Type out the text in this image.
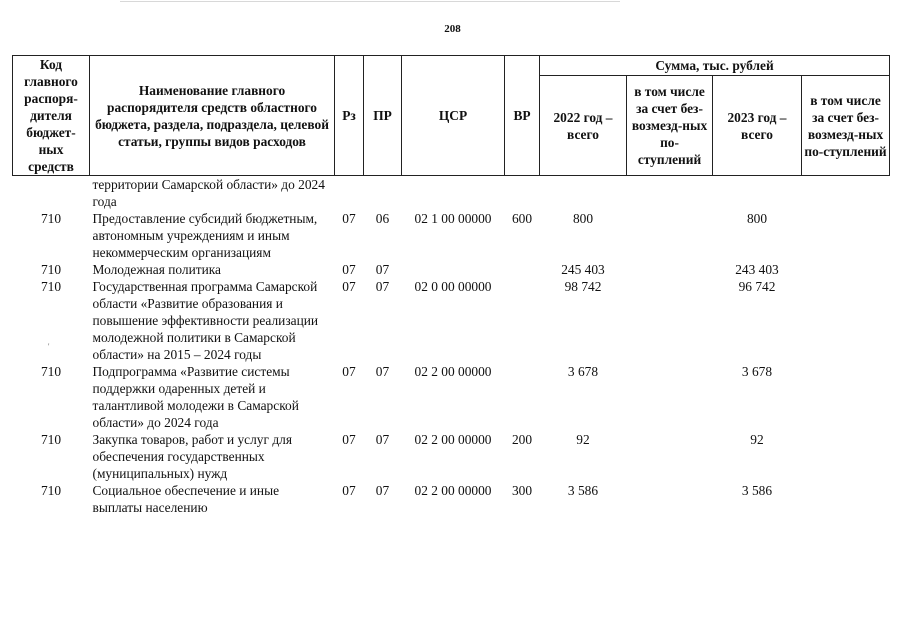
208
'
Код главного распоря-дителя бюджет-ных средств	Наименование главного распорядителя средств областного бюджета, раздела, подраздела, целевой статьи, группы видов расходов	Рз	ПР	ЦСР	ВР	Сумма, тыс. рублей			
						2022 год – всего	в том числе за счет без-возмезд-ных по-ступлений	2023 год – всего	в том числе за счет без-возмезд-ных по-ступлений
	территории Самарской области» до 2024 года								
710	Предоставление субсидий бюджетным, автономным учреждениям и иным некоммерческим организациям	07	06	02 1 00 00000	600	800		800	
710	Молодежная политика	07	07			245 403		243 403	
710	Государственная программа Самарской области «Развитие образования и повышение эффективности реализации молодежной политики в Самарской области» на 2015 – 2024 годы	07	07	02 0 00 00000		98 742		96 742	
710	Подпрограмма «Развитие системы поддержки одаренных детей и талантливой молодежи в Самарской области» до 2024 года	07	07	02 2 00 00000		3 678		3 678	
710	Закупка товаров, работ и услуг для обеспечения государственных (муниципальных) нужд	07	07	02 2 00 00000	200	92		92	
710	Социальное обеспечение и иные выплаты населению	07	07	02 2 00 00000	300	3 586		3 586	
